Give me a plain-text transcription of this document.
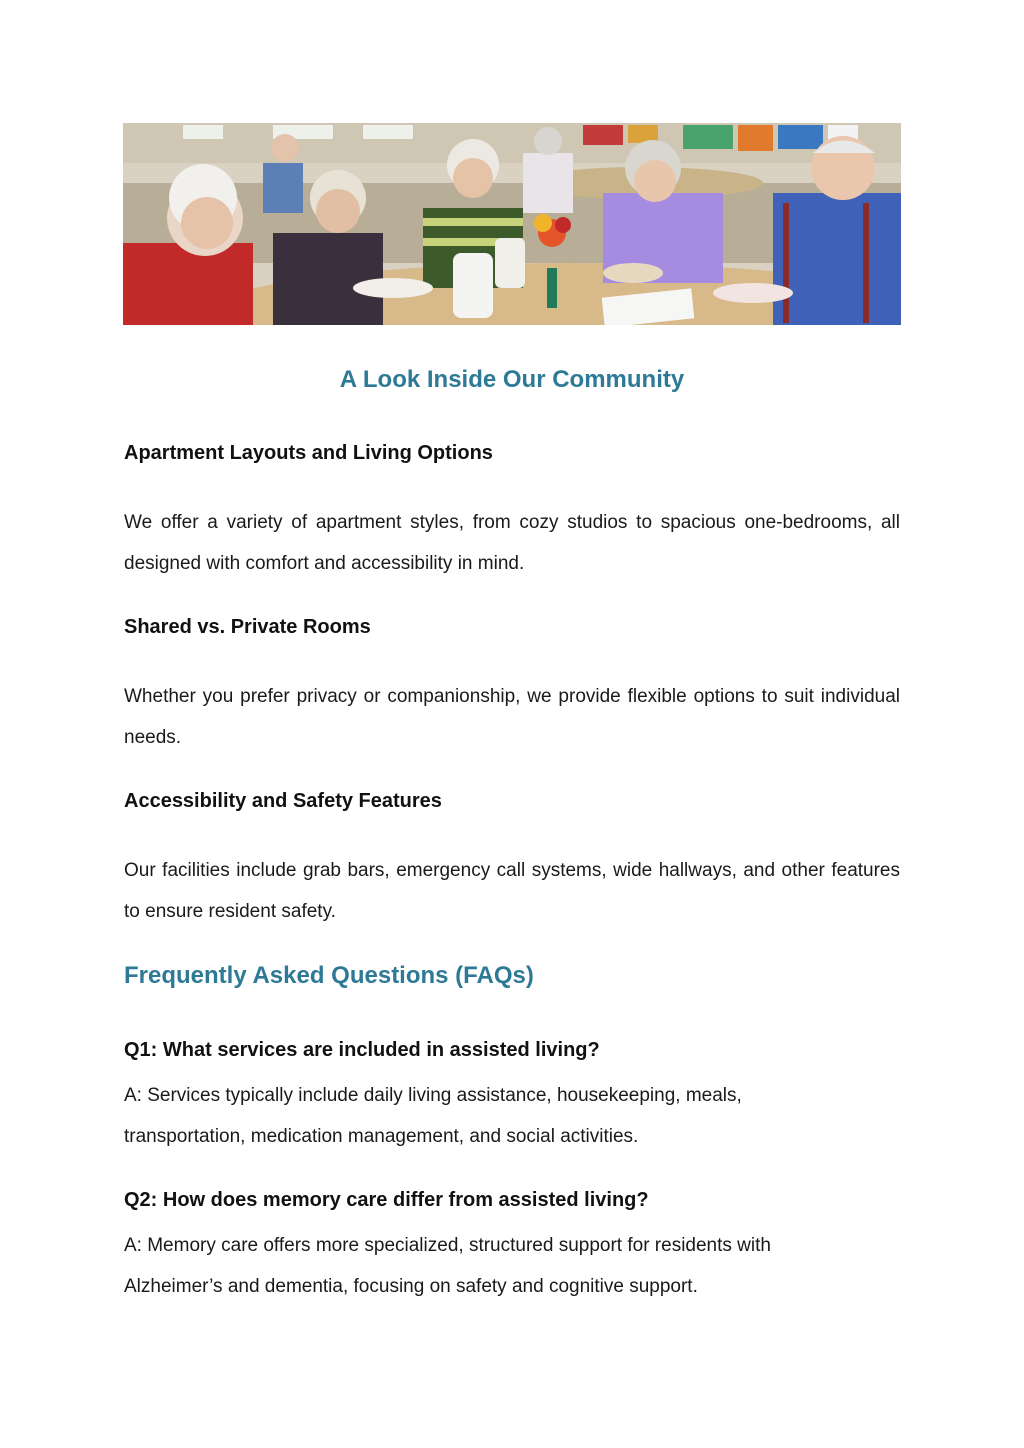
A Look Inside Our Community
Apartment Layouts and Living Options

We offer a variety of apartment styles, from cozy studios to spacious one-bedrooms, all designed with comfort and accessibility in mind.

Shared vs. Private Rooms

Whether you prefer privacy or companionship, we provide flexible options to suit individual needs.

Accessibility and Safety Features

Our facilities include grab bars, emergency call systems, wide hallways, and other features to ensure resident safety.

Frequently Asked Questions (FAQs)
Q1: What services are included in assisted living?

A: Services typically include daily living assistance, housekeeping, meals, transportation, medication management, and social activities.

Q2: How does memory care differ from assisted living?

A: Memory care offers more specialized, structured support for residents with Alzheimer’s and dementia, focusing on safety and cognitive support.
